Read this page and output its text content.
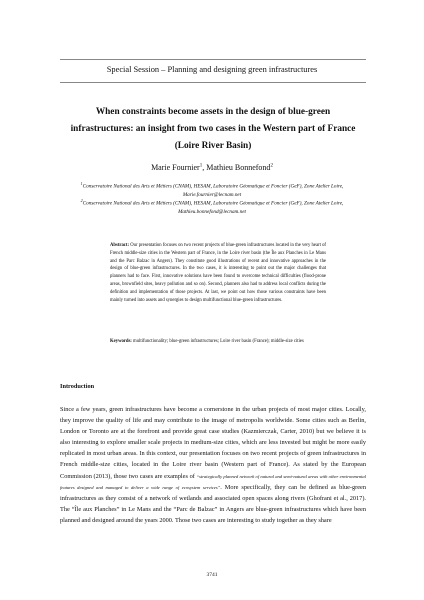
Special Session – Planning and designing green infrastructures
When constraints become assets in the design of blue-green infrastructures: an insight from two cases in the Western part of France (Loire River Basin)
Marie Fournier$^1$, Mathieu Bonnefond$^2$
$^1$Conservatoire National des Arts et Métiers (CNAM), HESAM, Laboratoire Géomatique et Foncier (GeF), Zone Atelier Loire, Marie.fournier@lecnam.net
$^2$Conservatoire National des Arts et Métiers (CNAM), HESAM, Laboratoire Géomatique et Foncier (GeF), Zone Atelier Loire, Mathieu.bonnefond@lecnam.net
Abstract: Our presentation focuses on two recent projects of blue-green infrastructures located in the very heart of French middle-size cities in the Western part of France, in the Loire river basin (the Île aux Planches in Le Mans and the Parc Balzac in Angers). They constitute good illustrations of recent and innovative approaches in the design of blue-green infrastructures. In the two cases, it is interesting to point out the major challenges that planners had to face. First, innovative solutions have been found to overcome technical difficulties (flood-prone areas, brownfield sites, heavy pollution and so on). Second, planners also had to address local conflicts during the definition and implementation of those projects. At last, we point out how those various constraints have been mainly turned into assets and synergies to design multifunctional blue-green infrastructures.
Keywords: multifunctionality; blue-green infrastructures; Loire river basin (France); middle-size cities
Introduction
Since a few years, green infrastructures have become a cornerstone in the urban projects of most major cities. Locally, they improve the quality of life and may contribute to the image of metropolis worldwide. Some cities such as Berlin, London or Toronto are at the forefront and provide great case studies (Kazmierczak, Carter, 2010) but we believe it is also interesting to explore smaller scale projects in medium-size cities, which are less invested but might be more easily replicated in most urban areas. In this context, our presentation focuses on two recent projects of green infrastructures in French middle-size cities, located in the Loire river basin (Western part of France). As stated by the European Commission (2013), those two cases are examples of “strategically planned network of natural and semi-natural areas with other environmental features designed and managed to deliver a wide range of ecosystem services”. More specifically, they can be defined as blue-green infrastructures as they consist of a network of wetlands and associated open spaces along rivers (Ghofrani et al., 2017). The “Île aux Planches” in Le Mans and the “Parc de Balzac” in Angers are blue-green infrastructures which have been planned and designed around the years 2000. Those two cases are interesting to study together as they share
3741
